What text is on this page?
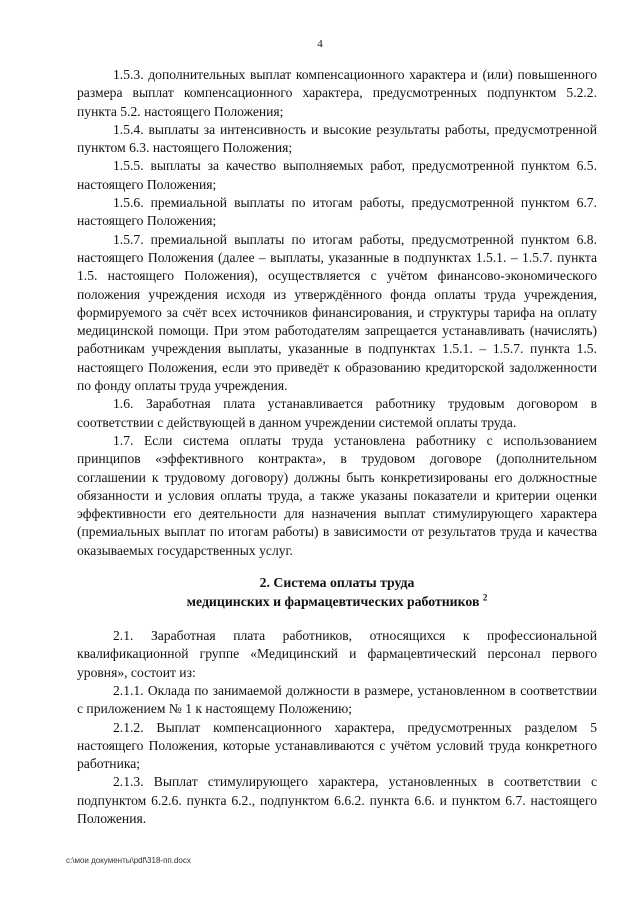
4

1.5.3. дополнительных выплат компенсационного характера и (или) повышенного размера выплат компенсационного характера, предусмотренных подпунктом 5.2.2. пункта 5.2. настоящего Положения;

1.5.4. выплаты за интенсивность и высокие результаты работы, предусмотренной пунктом 6.3. настоящего Положения;

1.5.5. выплаты за качество выполняемых работ, предусмотренной пунктом 6.5. настоящего Положения;

1.5.6. премиальной выплаты по итогам работы, предусмотренной пунктом 6.7. настоящего Положения;

1.5.7. премиальной выплаты по итогам работы, предусмотренной пунктом 6.8. настоящего Положения (далее – выплаты, указанные в подпунктах 1.5.1. – 1.5.7. пункта 1.5. настоящего Положения), осуществляется с учётом финансово-экономического положения учреждения исходя из утверждённого фонда оплаты труда учреждения, формируемого за счёт всех источников финансирования, и структуры тарифа на оплату медицинской помощи. При этом работодателям запрещается устанавливать (начислять) работникам учреждения выплаты, указанные в подпунктах 1.5.1. – 1.5.7. пункта 1.5. настоящего Положения, если это приведёт к образованию кредиторской задолженности по фонду оплаты труда учреждения.

1.6. Заработная плата устанавливается работнику трудовым договором в соответствии с действующей в данном учреждении системой оплаты труда.

1.7. Если система оплаты труда установлена работнику с использованием принципов «эффективного контракта», в трудовом договоре (дополнительном соглашении к трудовому договору) должны быть конкретизированы его должностные обязанности и условия оплаты труда, а также указаны показатели и критерии оценки эффективности его деятельности для назначения выплат стимулирующего характера (премиальных выплат по итогам работы) в зависимости от результатов труда и качества оказываемых государственных услуг.

2. Система оплаты труда
медицинских и фармацевтических работников $^2$

2.1. Заработная плата работников, относящихся к профессиональной квалификационной группе «Медицинский и фармацевтический персонал первого уровня», состоит из:

2.1.1. Оклада по занимаемой должности в размере, установленном в соответствии с приложением № 1 к настоящему Положению;

2.1.2. Выплат компенсационного характера, предусмотренных разделом 5 настоящего Положения, которые устанавливаются с учётом условий труда конкретного работника;

2.1.3. Выплат стимулирующего характера, установленных в соответствии с подпунктом 6.2.6. пункта 6.2., подпунктом 6.6.2. пункта 6.6. и пунктом 6.7. настоящего Положения.

c:\мои документы\pdf\318-пп.docx
